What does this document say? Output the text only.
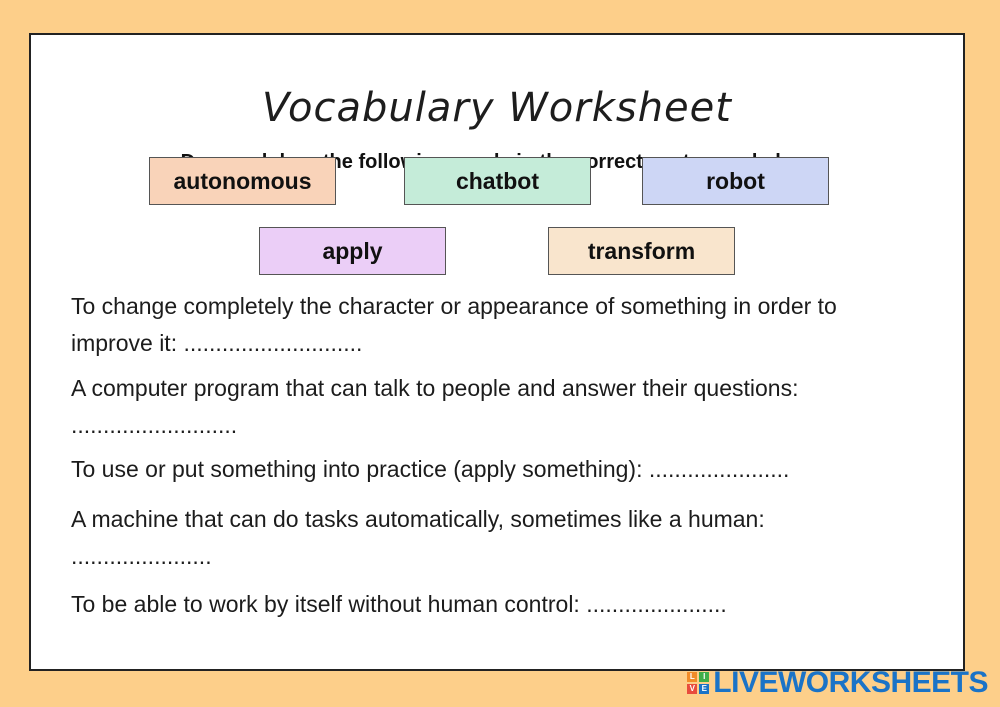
Vocabulary Worksheet
the following correct
autonomous	chatbot	robot
apply	transform
To change completely the character or appearance of something in order to improve it: ............................
A computer program that can talk to people and answer their questions: ..........................
To use or put something into practice (apply something): ......................
A machine that can do tasks automatically, sometimes like a human:
......................
To be able to work by itself without human control: ......................
L	I
V E LIVEWORKSHEETS
